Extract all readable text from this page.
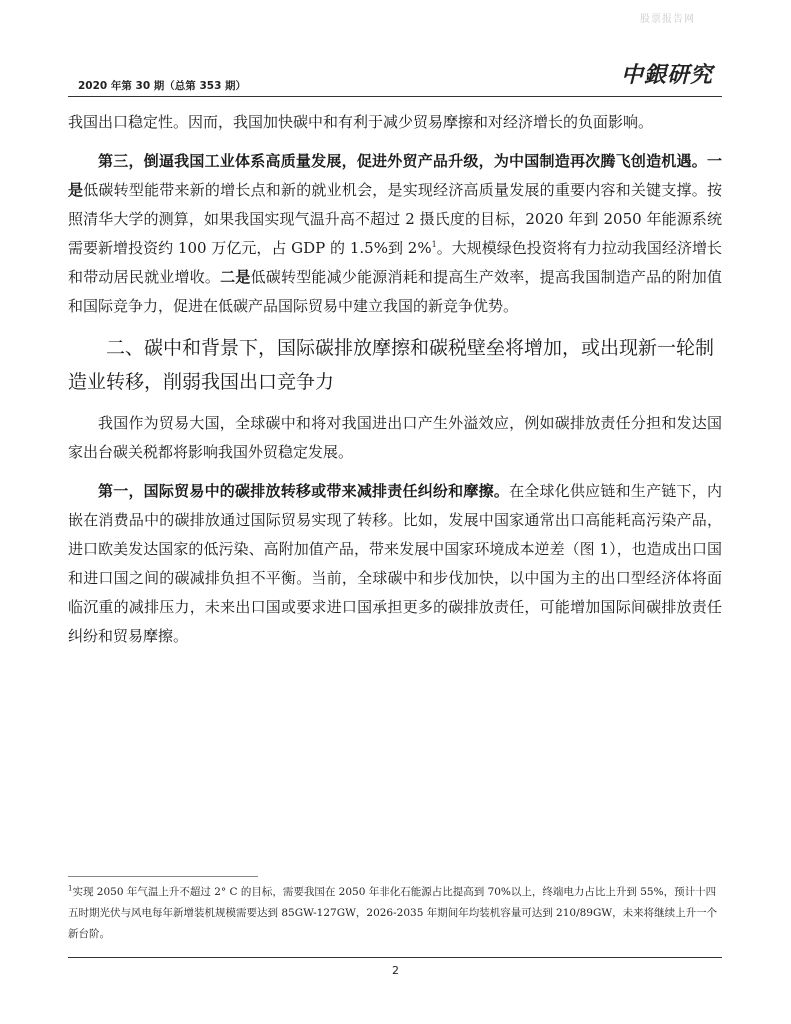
股票报告网
2020 年第 30 期（总第 353 期）	中銀研究

我国出口稳定性。因而，我国加快碳中和有利于减少贸易摩擦和对经济增长的负面影响。

第三，倒逼我国工业体系高质量发展，促进外贸产品升级，为中国制造再次腾飞创造机遇。一是低碳转型能带来新的增长点和新的就业机会，是实现经济高质量发展的重要内容和关键支撑。按照清华大学的测算，如果我国实现气温升高不超过 2 摄氏度的目标，2020 年到 2050 年能源系统需要新增投资约 100 万亿元，占 GDP 的 1.5%到 2%$^1$。大规模绿色投资将有力拉动我国经济增长和带动居民就业增收。二是低碳转型能减少能源消耗和提高生产效率，提高我国制造产品的附加值和国际竞争力，促进在低碳产品国际贸易中建立我国的新竞争优势。

二、碳中和背景下，国际碳排放摩擦和碳税壁垒将增加，或出现新一轮制造业转移，削弱我国出口竞争力

我国作为贸易大国，全球碳中和将对我国进出口产生外溢效应，例如碳排放责任分担和发达国家出台碳关税都将影响我国外贸稳定发展。

第一，国际贸易中的碳排放转移或带来减排责任纠纷和摩擦。在全球化供应链和生产链下，内嵌在消费品中的碳排放通过国际贸易实现了转移。比如，发展中国家通常出口高能耗高污染产品，进口欧美发达国家的低污染、高附加值产品，带来发展中国家环境成本逆差（图 1），也造成出口国和进口国之间的碳减排负担不平衡。当前，全球碳中和步伐加快，以中国为主的出口型经济体将面临沉重的减排压力，未来出口国或要求进口国承担更多的碳排放责任，可能增加国际间碳排放责任纠纷和贸易摩擦。

$^1$实现 2050 年气温上升不超过 2° C 的目标，需要我国在 2050 年非化石能源占比提高到 70%以上，终端电力占比上升到 55%，预计十四五时期光伏与风电每年新增装机规模需要达到 85GW-127GW，2026-2035 年期间年均装机容量可达到 210/89GW，未来将继续上升一个新台阶。
2
